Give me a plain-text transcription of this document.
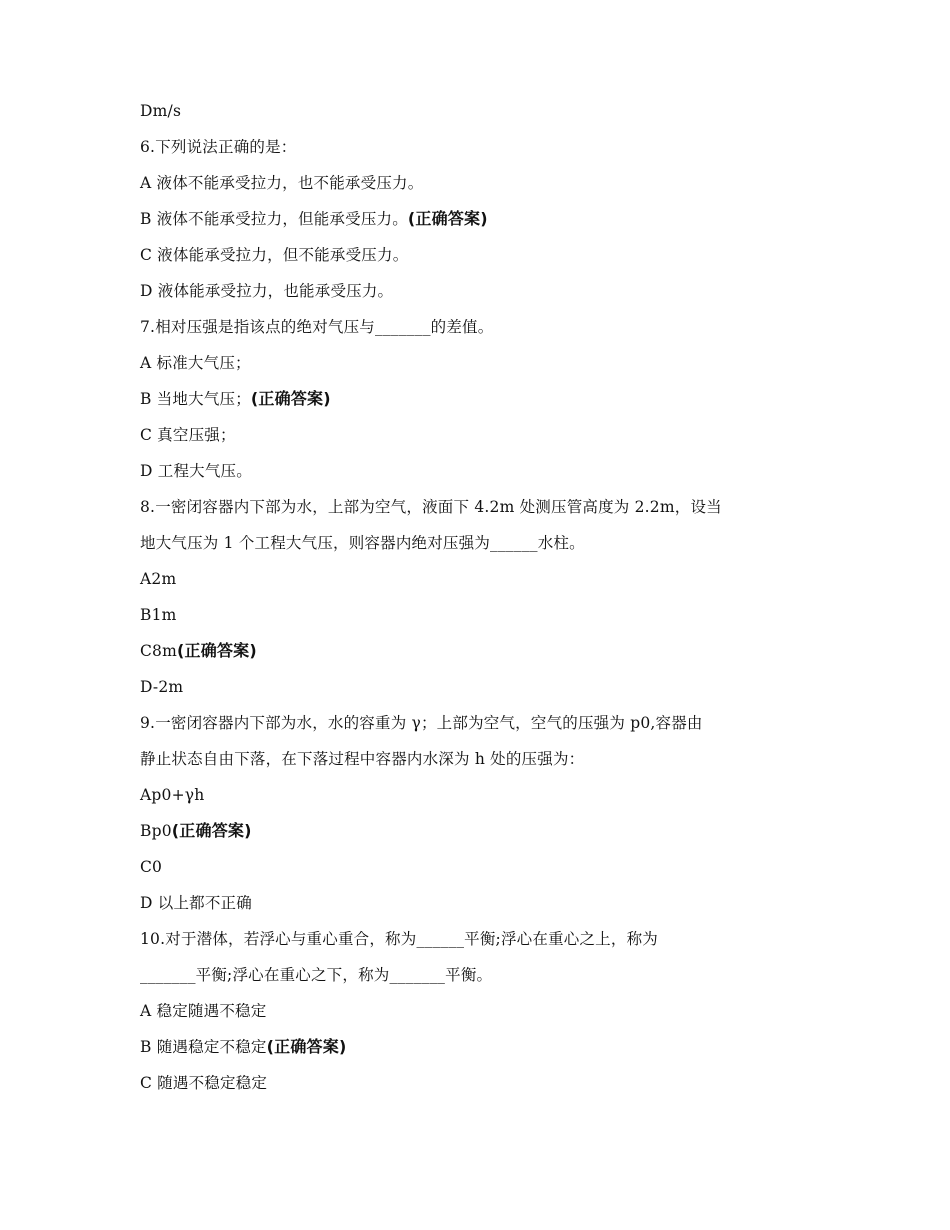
Dm/s
6.下列说法正确的是：
A 液体不能承受拉力，也不能承受压力。
B 液体不能承受拉力，但能承受压力。(正确答案)
C 液体能承受拉力，但不能承受压力。
D 液体能承受拉力，也能承受压力。
7.相对压强是指该点的绝对气压与_______的差值。
A 标准大气压；
B 当地大气压；(正确答案)
C 真空压强；
D 工程大气压。
8.一密闭容器内下部为水，上部为空气，液面下 4.2m 处测压管高度为 2.2m，设当
地大气压为 1 个工程大气压，则容器内绝对压强为______水柱。
A2m
B1m
C8m(正确答案)
D-2m
9.一密闭容器内下部为水，水的容重为 γ；上部为空气，空气的压强为 p0,容器由
静止状态自由下落，在下落过程中容器内水深为 h 处的压强为：
Ap0+γh
Bp0(正确答案)
C0
D 以上都不正确
10.对于潜体，若浮心与重心重合，称为______平衡;浮心在重心之上，称为
_______平衡;浮心在重心之下，称为_______平衡。
A 稳定随遇不稳定
B 随遇稳定不稳定(正确答案)
C 随遇不稳定稳定
